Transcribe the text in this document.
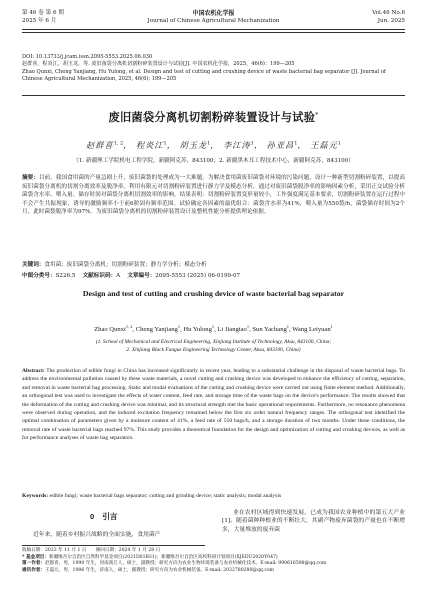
第 46 卷 第 6 期
2025 年 6 月
中国农机化学报
Journal of Chinese Agricultural Mechanization
Vol.46 No.6
Jun. 2025
DOI: 10.13733/j.jcam.issn.2095-5553.2025.06.030
赵群喜，程炎江，胡玉龙，等. 废旧菌袋分离机切割粉碎装置设计与试验[J]. 中国农机化学报，2025，46(6)：199—205
Zhao Qunxi, Cheng Yanjiang, Hu Yulong, et al. Design and test of cutting and crushing device of waste bacterial bag separator [J]. Journal of Chinese Agricultural Mechanization, 2025, 46(6): 199—205
废旧菌袋分离机切割粉碎装置设计与试验*
赵群喜$^{1, 2}$， 程炎江$^1$， 胡玉龙$^1$， 李江涛$^1$， 孙亚昌$^1$， 王磊元$^1$
（1. 新疆理工学院机电工程学院，新疆阿克苏，843100；2. 新疆黑木耳工程技术中心，新疆阿克苏，843100）
摘要：目前，我国食用菌的产量急剧上升，废旧菌袋的处理成为一大难题。为解决食用菌废旧菌袋对环境的污染问题，设计一种新型切割粉碎装置，以提高废旧菌袋分离机的切割分离效率及脱净率。利用有限元对切割粉碎装置进行静力学及模态分析，通过对废旧菌袋脱净率的影响因素分析，采用正交试验分析菌袋含水率、喂入量、储存时间对菌袋分离机切割效率的影响。结果表明：切割粉碎装置变形量较小，工作强度满足基本要求，切割粉碎装置在运行过程中不会产生共振现象，诱导的激励频率小于前6阶固有频率范围。试验确定各因素的最优组合：菌袋含水率为41%，喂入量为550袋/h，菌袋储存时间为2个月，此时菌袋脱净率为97%。为废旧菌袋分离机的切割粉碎装置设计及整机性能分析提供理论依据。
关键词：食用菌；废旧菌袋分离机；切割粉碎装置；静力学分析；模态分析
中图分类号：S226.5 文献标识码：A 文章编号：2095-5553 (2025) 06-0199-07
Design and test of cutting and crushing device of waste bacterial bag separator
Zhao Qunxi$^{1, 2}$, Cheng Yanjiang$^1$, Hu Yulong$^1$, Li Jiangtao$^1$, Sun Yachang$^1$, Wang Leiyuan$^1$
(1. School of Mechanical and Electrical Engineering, Xinjiang Institute of Technology, Aksu, 843100, China;
2. Xinjiang Black Fungus Engineering Technology Center, Aksu, 843100, China)
Abstract: The production of edible fungi in China has increased significantly in recent year, leading to a substantial challenge in the disposal of waste bacterial bags. To address the environmental pollution caused by these waste materials, a novel cutting and crushing device was developed to enhance the efficiency of cutting, separation, and removal in waste bacterial bag processing. Static and modal evaluations of the cutting and crushing device were carried out using finite element method. Additionally, an orthogonal test was used to investigate the effects of water content, feed rate, and storage time of the waste bags on the device's performance. The results showed that the deformation of the cutting and crushing device was minimal, and its structural strength met the basic operational requirements. Furthermore, no resonance phenomena were observed during operation, and the induced excitation frequency remained below the first six order natural frequency ranges. The orthogonal test identified the optimal combination of parameters given by a moisture content of 41%, a feed rate of 550 bags/h, and a storage duration of two months. Under these conditions, the removal rate of waste bacterial bags reached 97%. This study provides a theoretical foundation for the design and optimization of cutting and crushing devices, as well as for performance analyses of waste bag separators.
Keywords: edible fungi; waste bacterial bags separator; cutting and grinding device; static analysis; modal analysis
0 引言
近年来，随着乡村振兴战略的全面实施，食用菌产
业在农村区域得到快速发展，已成为我国农业种植中的第五大产业[1]。随着菌种种植业的不断壮大，其副产物废弃菌袋的产量也在不断增多，大量堆放的废弃菌
收稿日期：2023 年 11 月 1 日　　修回日期：2024 年 1 月 28 日
* 基金项目：新疆维吾尔自治区自然科学基金项目(2021D01B31)；新疆维吾尔自治区高校科研计划项目(XJEDU2020Y047)
第一作者：赵群喜，男，1990 年生，河南商丘人，硕士，副教授；研究方向为农业生物环境装备与农业机械化技术。E-mail: 990616598@qq.com
通讯作者：王磊元，男，1986 年生，济南人，硕士，副教授；研究方向为农业机械装备。E-mail: 2032780280@qq.com
